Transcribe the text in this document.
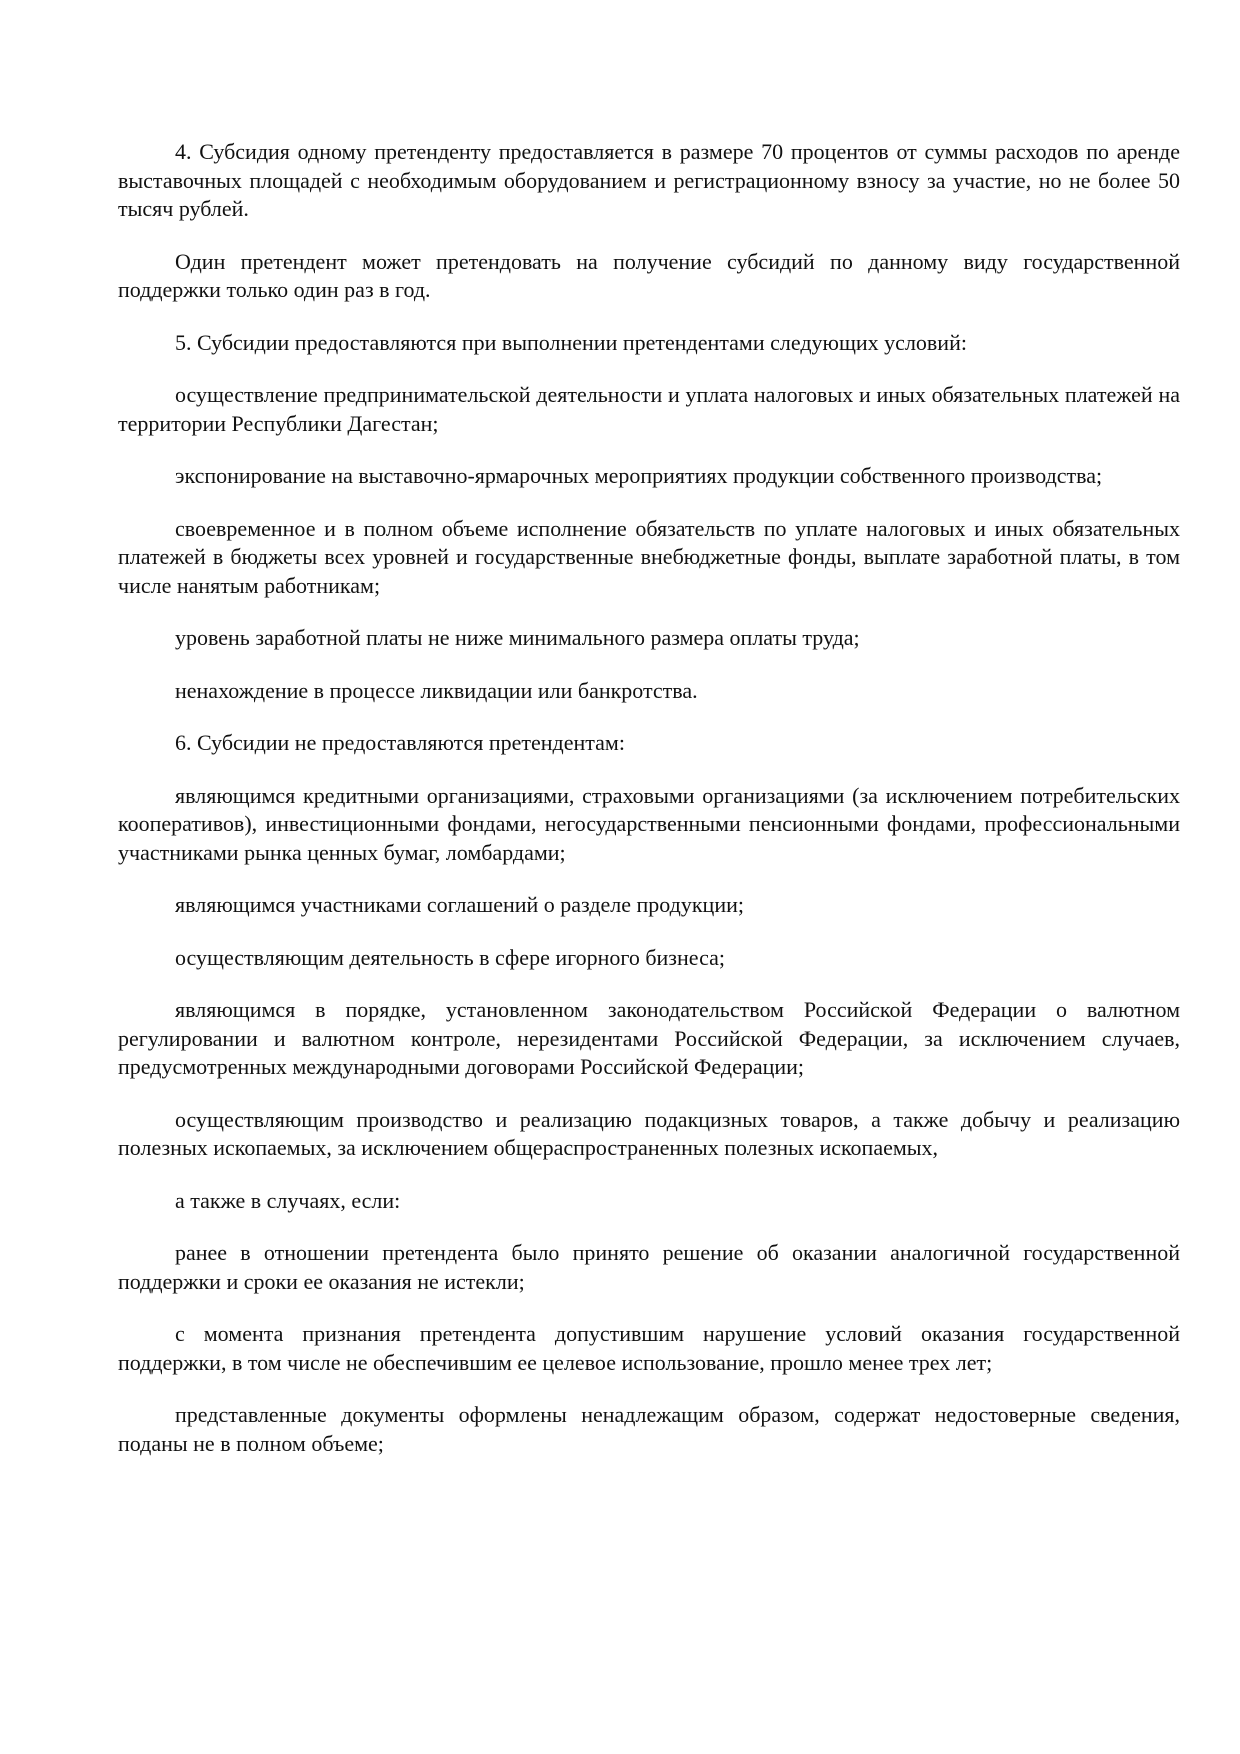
4. Субсидия одному претенденту предоставляется в размере 70 процентов от суммы расходов по аренде выставочных площадей с необходимым оборудованием и регистрационному взносу за участие, но не более 50 тысяч рублей.

Один претендент может претендовать на получение субсидий по данному виду государственной поддержки только один раз в год.

5. Субсидии предоставляются при выполнении претендентами следующих условий:

осуществление предпринимательской деятельности и уплата налоговых и иных обязательных платежей на территории Республики Дагестан;

экспонирование на выставочно-ярмарочных мероприятиях продукции собственного производства;

своевременное и в полном объеме исполнение обязательств по уплате налоговых и иных обязательных платежей в бюджеты всех уровней и государственные внебюджетные фонды, выплате заработной платы, в том числе нанятым работникам;

уровень заработной платы не ниже минимального размера оплаты труда;

ненахождение в процессе ликвидации или банкротства.

6. Субсидии не предоставляются претендентам:

являющимся кредитными организациями, страховыми организациями (за исключением потребительских кооперативов), инвестиционными фондами, негосударственными пенсионными фондами, профессиональными участниками рынка ценных бумаг, ломбардами;

являющимся участниками соглашений о разделе продукции;

осуществляющим деятельность в сфере игорного бизнеса;

являющимся в порядке, установленном законодательством Российской Федерации о валютном регулировании и валютном контроле, нерезидентами Российской Федерации, за исключением случаев, предусмотренных международными договорами Российской Федерации;

осуществляющим производство и реализацию подакцизных товаров, а также добычу и реализацию полезных ископаемых, за исключением общераспространенных полезных ископаемых,

а также в случаях, если:

ранее в отношении претендента было принято решение об оказании аналогичной государственной поддержки и сроки ее оказания не истекли;

с момента признания претендента допустившим нарушение условий оказания государственной поддержки, в том числе не обеспечившим ее целевое использование, прошло менее трех лет;

представленные документы оформлены ненадлежащим образом, содержат недостоверные сведения, поданы не в полном объеме;
